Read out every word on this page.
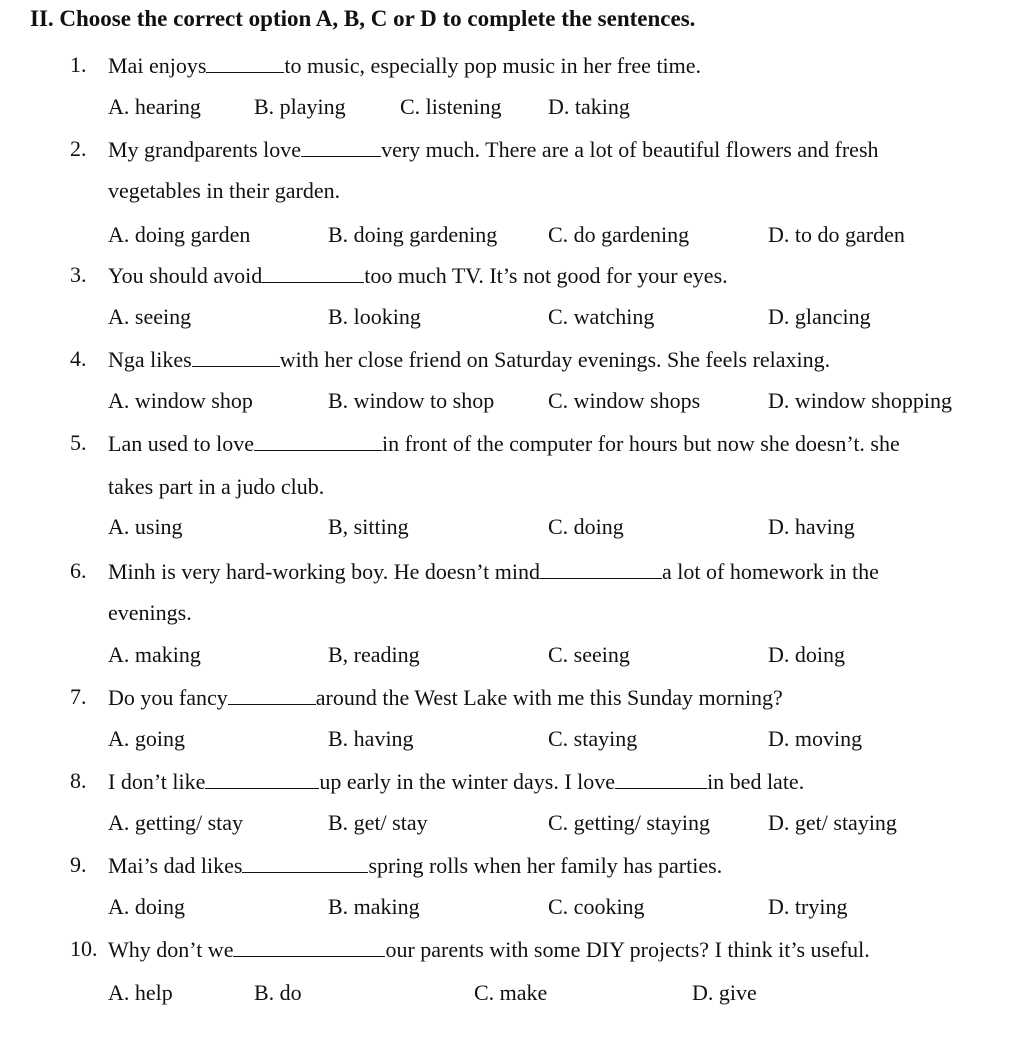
II. Choose the correct option A, B, C or D to complete the sentences.
1. Mai enjoys	to music, especially pop music in her free time.
A. hearing B. playing C. listening D. taking
2. My grandparents love	very much. There are a lot of beautiful flowers and fresh
vegetables in their garden.
A. doing garden	B. doing gardening C. do gardening	D. to do garden
3. You should avoid	too much TV. It’s not good for your eyes.
A. seeing	B. looking	C. watching	D. glancing
4. Nga likes	with her close friend on Saturday evenings. She feels relaxing.
A. window shop	B. window to shop C. window shops	D. window shopping
5. Lan used to love	in front of the computer for hours but now she doesn’t. she
takes part in a judo club.
A. using	B, sitting	C. doing	D. having
6. Minh is very hard-working boy. He doesn’t mind	a lot of homework in the
evenings.
A. making	B, reading	C. seeing	D. doing
7. Do you fancy	around the West Lake with me this Sunday morning?
A. going	B. having	C. staying	D. moving
8. I don’t like	up early in the winter days. I love	in bed late.
A. getting/ stay	B. get/ stay	C. getting/ staying	D. get/ staying
9. Mai’s dad likes	spring rolls when her family has parties.
A. doing	B. making	C. cooking	D. trying
10. Why don’t we	our parents with some DIY projects? I think it’s useful.
A. help	B. do	C. make	D. give
